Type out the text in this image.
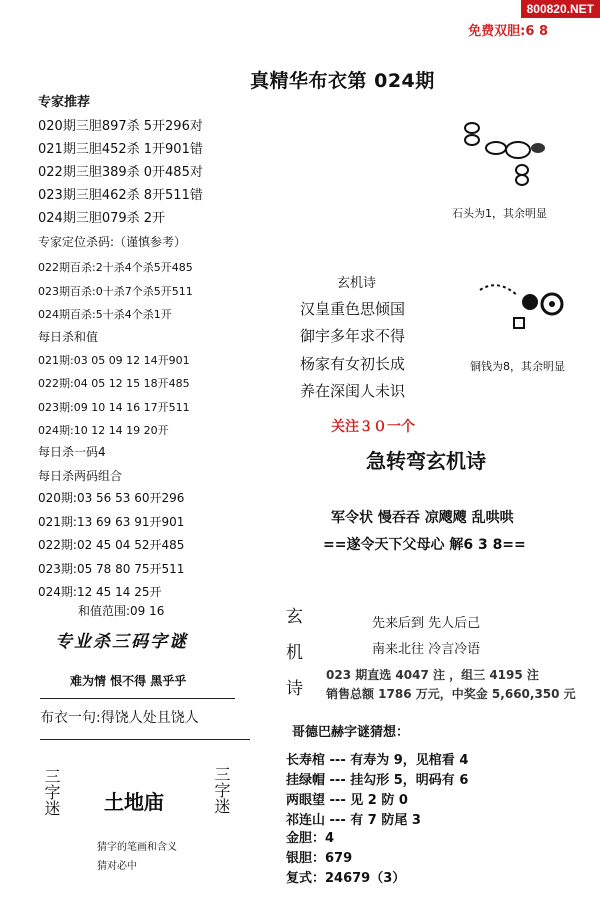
800820.NET
免费双胆:6 8
真精华布衣第 024期
专家推荐
020期三胆897杀 5开296对
021期三胆452杀 1开901错
022期三胆389杀 0开485对
023期三胆462杀 8开511错
024期三胆079杀 2开
专家定位杀码:（谨慎参考）
022期百杀:2十杀4个杀5开485
023期百杀:0十杀7个杀5开511
024期百杀:5十杀4个杀1开
每日杀和值
021期:03 05 09 12 14开901
022期:04 05 12 15 18开485
023期:09 10 14 16 17开511
024期:10 12 14 19 20开
每日杀一码4
每日杀两码组合
020期:03 56 53 60开296
021期:13 69 63 91开901
022期:02 45 04 52开485
023期:05 78 80 75开511
024期:12 45 14 25开
和值范围:09 16
专业杀三码字谜
难为情 恨不得 黑乎乎
布衣一句:得饶人处且饶人
三字迷 土地庙	三字迷
猜字的笔画和含义
猜对必中
石头为1，其余明显
铜钱为8，其余明显
玄机诗
汉皇重色思倾国
御宇多年求不得
杨家有女初长成
养在深闺人未识
关注３０一个
急转弯玄机诗
军令状 慢吞吞 凉飕飕 乱哄哄
==遂令天下父母心 解6 3 8==
玄
机
诗
先来后到 先人后己
南来北往 冷言冷语
023 期直选 4047 注 ，组三 4195 注
销售总额 1786 万元，中奖金 5,660,350 元
哥德巴赫字谜猜想：
长寿棺 --- 有寿为 9，见棺看 4
挂绿帽 --- 挂勾形 5，明码有 6
两眼望 --- 见 2 防 0
祁连山 --- 有 7 防尾 3
金胆：4
银胆：679
复式：24679（3）
